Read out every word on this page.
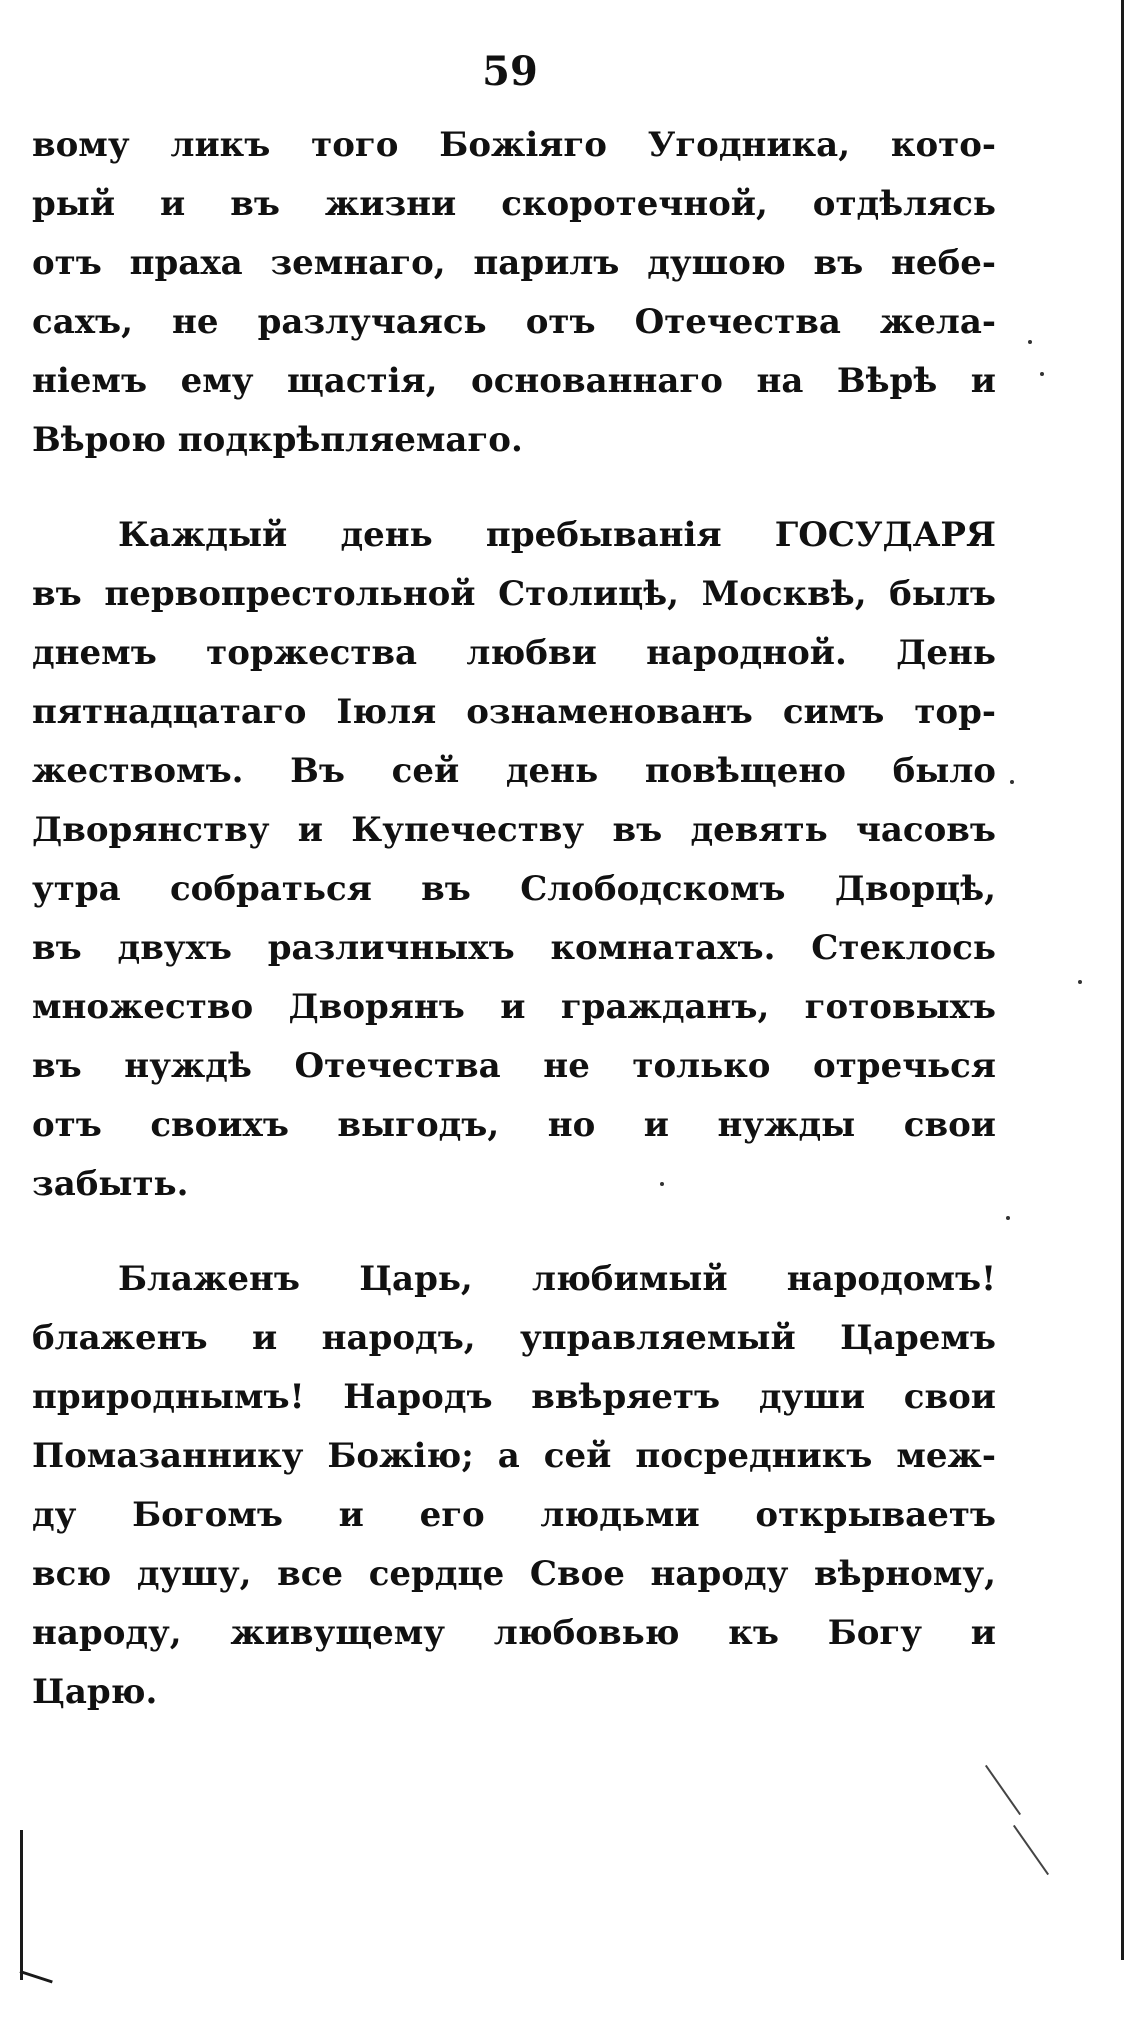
59
вому ликъ того Божіяго Угодника, кото-
рый и въ жизни скоротечной, отдѣлясь
отъ праха земнаго, парилъ душою въ небе-
сахъ, не разлучаясь отъ Отечества жела-
ніемъ ему щастія, основаннаго на Вѣрѣ и
Вѣрою подкрѣпляемаго.
Каждый день пребыванія ГОСУДАРЯ
въ первопрестольной Столицѣ, Москвѣ, былъ
днемъ торжества любви народной. День
пятнадцатаго Іюля ознаменованъ симъ тор-
жествомъ. Въ сей день повѣщено было
Дворянству и Купечеству въ девять часовъ
утра собраться въ Слободскомъ Дворцѣ,
въ двухъ различныхъ комнатахъ. Стеклось
множество Дворянъ и гражданъ, готовыхъ
въ нуждѣ Отечества не только отречься
отъ своихъ выгодъ, но и нужды свои
забыть.
Блаженъ Царь, любимый народомъ!
блаженъ и народъ, управляемый Царемъ
природнымъ! Народъ ввѣряетъ души свои
Помазаннику Божію; а сей посредникъ меж-
ду Богомъ и его людьми открываетъ
всю душу, все сердце Свое народу вѣрному,
народу, живущему любовью къ Богу и
Царю.
